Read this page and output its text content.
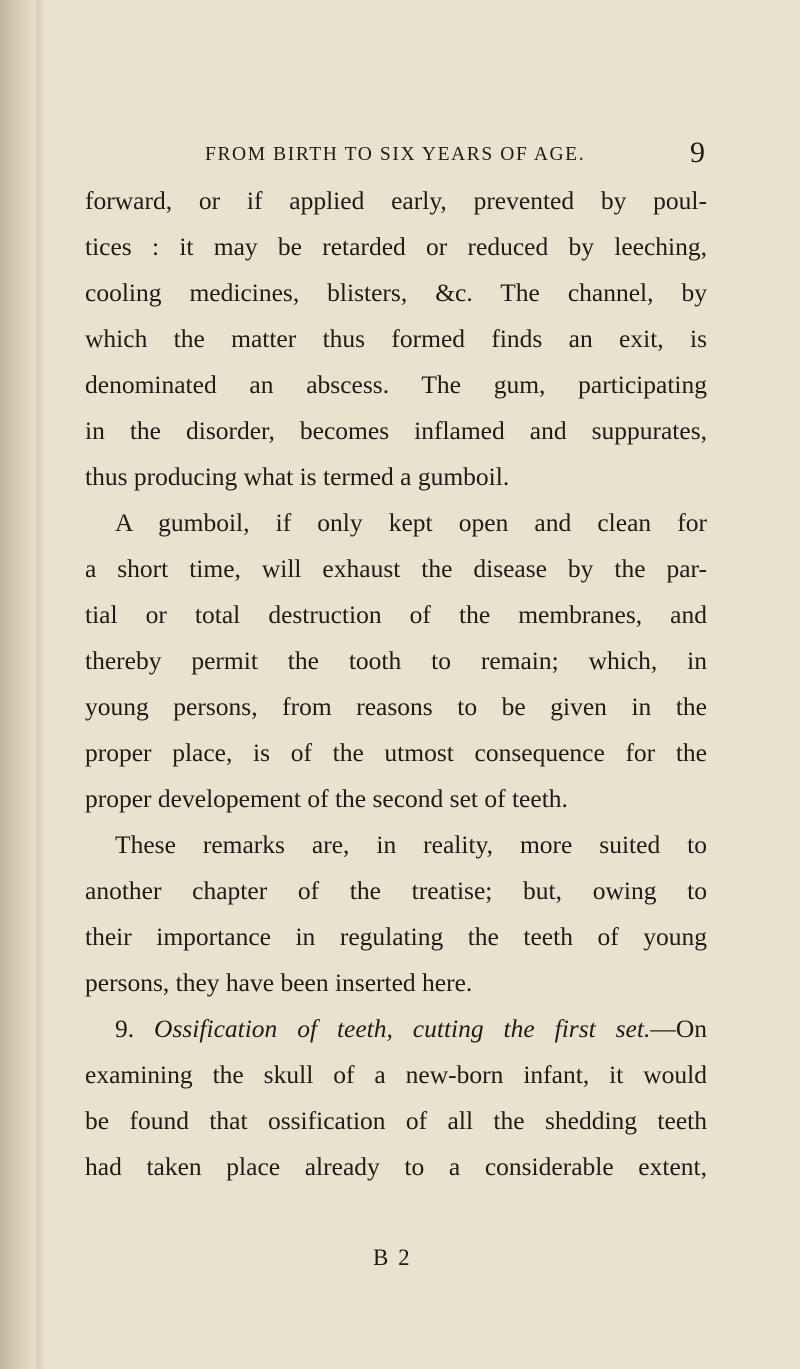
FROM BIRTH TO SIX YEARS OF AGE.	9
forward, or if applied early, prevented by poul-
tices : it may be retarded or reduced by leeching,
cooling medicines, blisters, &c. The channel, by
which the matter thus formed finds an exit, is
denominated an abscess. The gum, participating
in the disorder, becomes inflamed and suppurates,
thus producing what is termed a gumboil.
A gumboil, if only kept open and clean for
a short time, will exhaust the disease by the par-
tial or total destruction of the membranes, and
thereby permit the tooth to remain; which, in
young persons, from reasons to be given in the
proper place, is of the utmost consequence for the
proper developement of the second set of teeth.
These remarks are, in reality, more suited to
another chapter of the treatise; but, owing to
their importance in regulating the teeth of young
persons, they have been inserted here.
9. Ossification of teeth, cutting the first set.—On
examining the skull of a new-born infant, it would
be found that ossification of all the shedding teeth
had taken place already to a considerable extent,
B 2
